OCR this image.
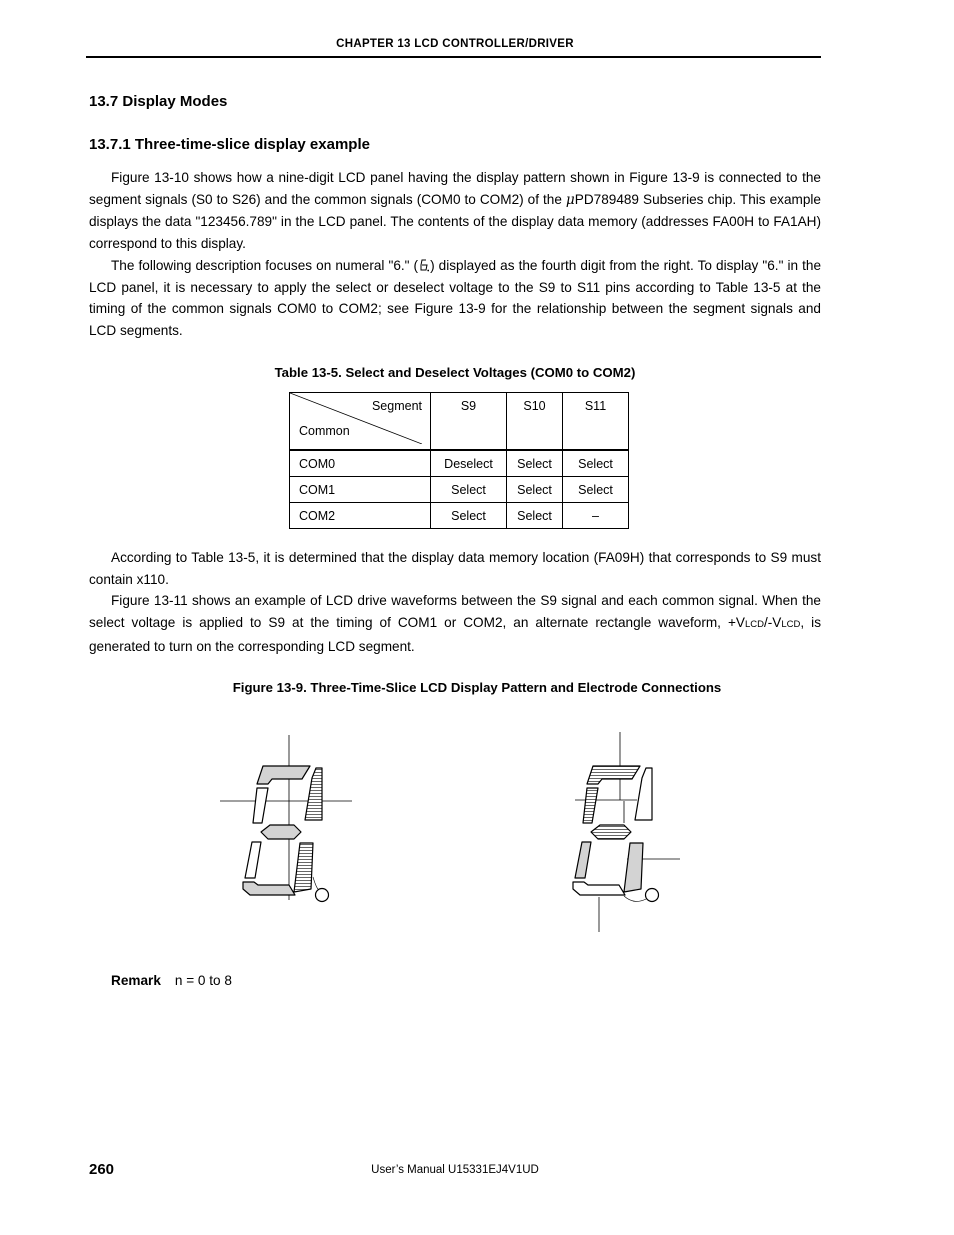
CHAPTER 13 LCD CONTROLLER/DRIVER
13.7 Display Modes
13.7.1 Three-time-slice display example

Figure 13-10 shows how a nine-digit LCD panel having the display pattern shown in Figure 13-9 is connected to the segment signals (S0 to S26) and the common signals (COM0 to COM2) of the μPD789489 Subseries chip. This example displays the data "123456.789" in the LCD panel. The contents of the display data memory (addresses FA00H to FA1AH) correspond to this display.

The following description focuses on numeral "6." ( ) displayed as the fourth digit from the right. To display "6." in the LCD panel, it is necessary to apply the select or deselect voltage to the S9 to S11 pins according to Table 13-5 at the timing of the common signals COM0 to COM2; see Figure 13-9 for the relationship between the segment signals and LCD segments.

Table 13-5. Select and Deselect Voltages (COM0 to COM2)
Segment
Common	S9	S10	S11
COM0	Deselect	Select	Select
COM1	Select	Select	Select
COM2	Select	Select	–

According to Table 13-5, it is determined that the display data memory location (FA09H) that corresponds to S9 must contain x110.

Figure 13-11 shows an example of LCD drive waveforms between the S9 signal and each common signal. When the select voltage is applied to S9 at the timing of COM1 or COM2, an alternate rectangle waveform, +VLCD/-VLCD, is generated to turn on the corresponding LCD segment.

Figure 13-9. Three-Time-Slice LCD Display Pattern and Electrode Connections
Remark n = 0 to 8
260	User’s Manual U15331EJ4V1UD
